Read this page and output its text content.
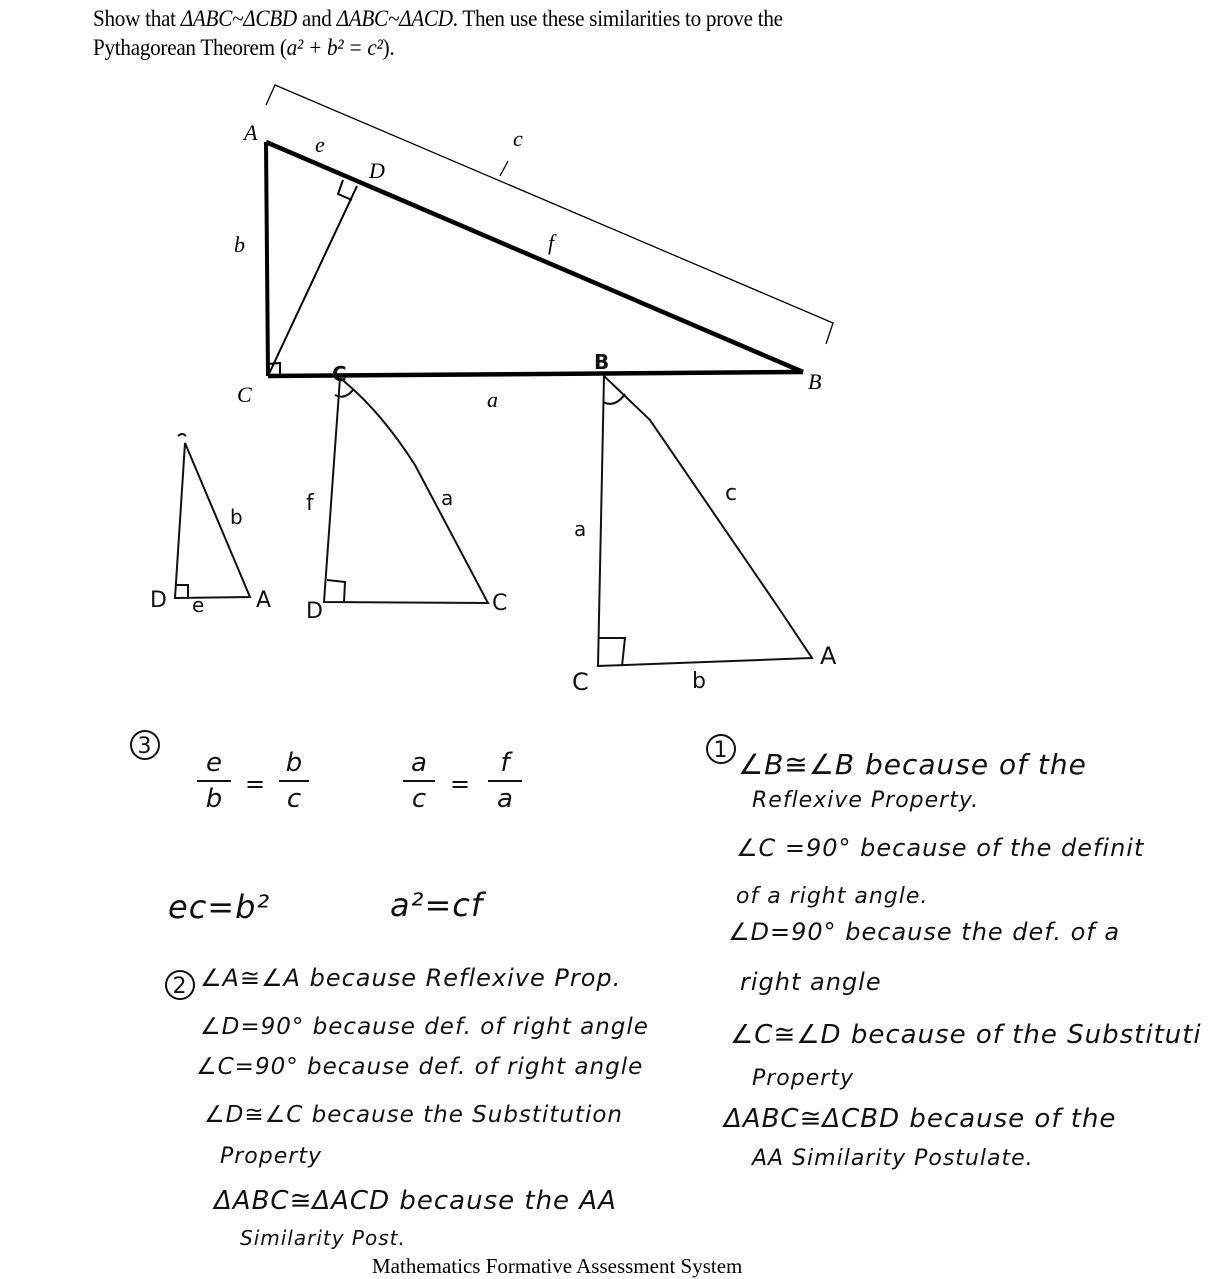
Show that ΔABC~ΔCBD and ΔABC~ΔACD. Then use these similarities to prove the
Pythagorean Theorem (a² + b² = c²).
A	e
D
c
b	f
C	a
B
C	B
b
D e A
f	a
D	C
a
c
C	b
A
3
e
b =
b
c
a
c =
f
a
ec=b²	a²=cf
1 ∠B≅∠B because of the
Reflexive Property.
∠C =90° because of the definit
of a right angle.
∠D=90° because the def. of a
right angle
∠C≅∠D because of the Substituti
Property
ΔABC≅ΔCBD because of the
AA Similarity Postulate.
2 ∠A≅∠A because Reflexive Prop.
∠D=90° because def. of right angle
∠C=90° because def. of right angle
∠D≅∠C because the Substitution
Property
ΔABC≅ΔACD because the AA
Similarity Post.
Mathematics Formative Assessment System
